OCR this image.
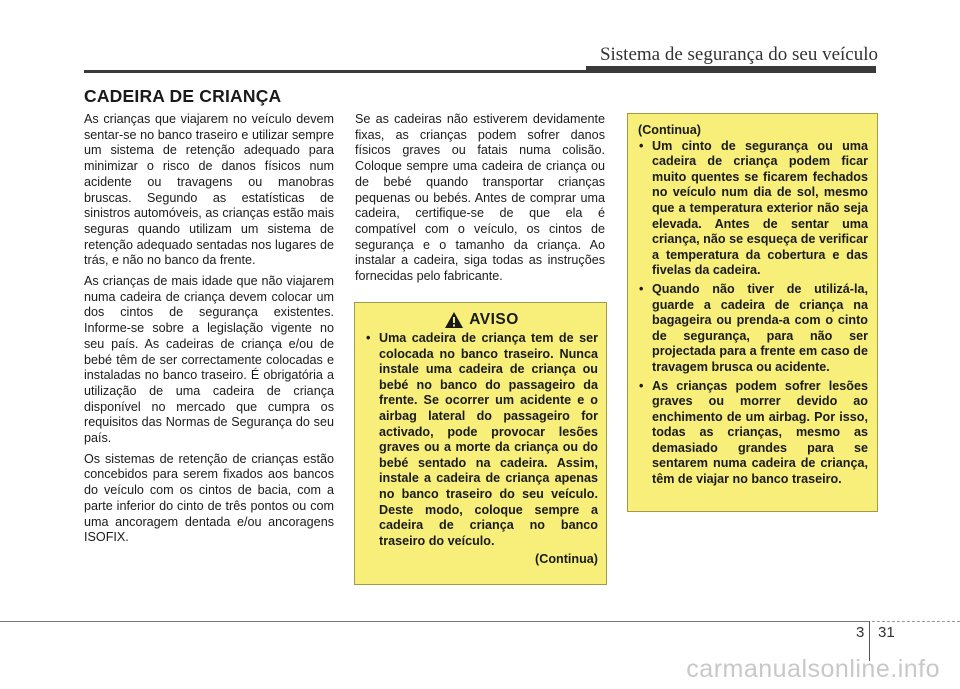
Sistema de segurança do seu veículo
CADEIRA DE CRIANÇA

As crianças que viajarem no veículo devem sentar-se no banco traseiro e utilizar sempre um sistema de retenção adequado para minimizar o risco de danos físicos num acidente ou travagens ou manobras bruscas. Segundo as estatísticas de sinistros automóveis, as crianças estão mais seguras quando utilizam um sistema de retenção adequado sentadas nos lugares de trás, e não no banco da frente.

As crianças de mais idade que não viajarem numa cadeira de criança devem colocar um dos cintos de segurança existentes. Informe-se sobre a legislação vigente no seu país. As cadeiras de criança e/ou de bebé têm de ser correctamente colocadas e instaladas no banco traseiro. É obrigatória a utilização de uma cadeira de criança disponível no mercado que cumpra os requisitos das Normas de Segurança do seu país.

Os sistemas de retenção de crianças estão concebidos para serem fixados aos bancos do veículo com os cintos de bacia, com a parte inferior do cinto de três pontos ou com uma ancoragem dentada e/ou ancoragens ISOFIX.

Se as cadeiras não estiverem devidamente fixas, as crianças podem sofrer danos físicos graves ou fatais numa colisão. Coloque sempre uma cadeira de criança ou de bebé quando transportar crianças pequenas ou bebés. Antes de comprar uma cadeira, certifique-se de que ela é compatível com o veículo, os cintos de segurança e o tamanho da criança. Ao instalar a cadeira, siga todas as instruções fornecidas pelo fabricante.

AVISO
• Uma cadeira de criança tem de ser colocada no banco traseiro. Nunca instale uma cadeira de criança ou bebé no banco do passageiro da frente. Se ocorrer um acidente e o airbag lateral do passageiro for activado, pode provocar lesões graves ou a morte da criança ou do bebé sentado na cadeira. Assim, instale a cadeira de criança apenas no banco traseiro do seu veículo. Deste modo, coloque sempre a cadeira de criança no banco traseiro do veículo.
(Continua)
(Continua)
• Um cinto de segurança ou uma cadeira de criança podem ficar muito quentes se ficarem fechados no veículo num dia de sol, mesmo que a temperatura exterior não seja elevada. Antes de sentar uma criança, não se esqueça de verificar a temperatura da cobertura e das fivelas da cadeira.
• Quando não tiver de utilizá-la, guarde a cadeira de criança na bagageira ou prenda-a com o cinto de segurança, para não ser projectada para a frente em caso de travagem brusca ou acidente.
• As crianças podem sofrer lesões graves ou morrer devido ao enchimento de um airbag. Por isso, todas as crianças, mesmo as demasiado grandes para se sentarem numa cadeira de criança, têm de viajar no banco traseiro.
3 31
carmanualsonline.info
